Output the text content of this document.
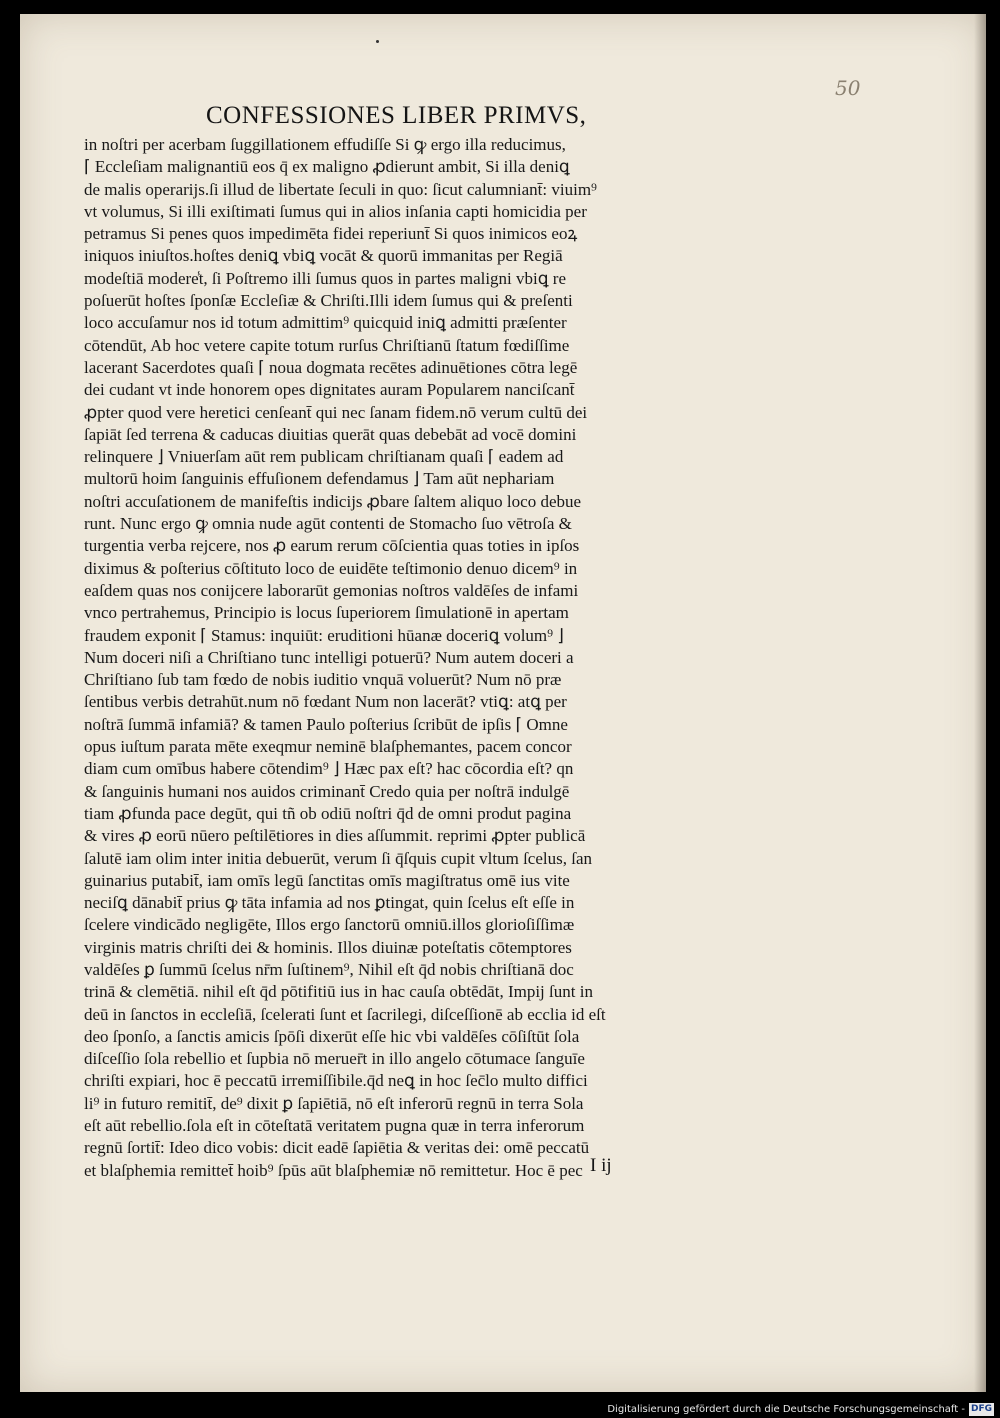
50
CONFESSIONES LIBER PRIMVS,
in noſtri per acerbam ſuggillationem effudiſſe Si ꝙ ergo illa reducimus,
⌈ Eccleſiam malignantiū eos q̄ ex maligno ꝓdierunt ambit, Si illa deniꝗ
de malis operarijs.ſi illud de libertate ſeculi in quo: ſicut calumniant̄: viuim⁹
vt volumus, Si illi exiſtimati ſumus qui in alios inſania capti homicidia per
petramus Si penes quos impedimēta fidei reperiunt̄ Si quos inimicos eoꝝ
iniquos iniuſtos.hoſtes deniꝗ vbiꝗ vocāt & quorū immanitas per Regiā
modeſtiā modere̾t, ſi Poſtremo illi ſumus quos in partes maligni vbiꝗ re
poſuerūt hoſtes ſponſæ Eccleſiæ & Chriſti.Illi idem ſumus qui & preſenti
loco accuſamur nos id totum admittim⁹ quicquid iniꝗ admitti præſenter
cōtendūt, Ab hoc vetere capite totum rurſus Chriſtianū ſtatum fœdiſſime
lacerant Sacerdotes quaſi ⌈ noua dogmata recētes adinuētiones cōtra legē
dei cudant vt inde honorem opes dignitates auram Popularem nanciſcant̄
ꝓpter quod vere heretici cenſeant̄ qui nec ſanam fidem.nō verum cultū dei
ſapiāt ſed terrena & caducas diuitias querāt quas debebāt ad vocē domini
relinquere ⌋ Vniuerſam aūt rem publicam chriſtianam quaſi ⌈ eadem ad
multorū hoim ſanguinis effuſionem defendamus ⌋ Tam aūt nephariam
noſtri accuſationem de manifeſtis indicijs ꝓbare ſaltem aliquo loco debue
runt. Nunc ergo ꝙ omnia nude agūt contenti de Stomacho ſuo vētroſa &
turgentia verba rejcere, nos ꝓ earum rerum cōſcientia quas toties in ipſos
diximus & poſterius cōſtituto loco de euidēte teſtimonio denuo dicem⁹ in
eaſdem quas nos conijcere laborarūt gemonias noſtros valdēſes de infami
vnco pertrahemus, Principio is locus ſuperiorem ſimulationē in apertam
fraudem exponit ⌈ Stamus: inquiūt: eruditioni hūanæ doceriꝗ volum⁹ ⌋
Num doceri niſi a Chriſtiano tunc intelligi potuerū? Num autem doceri a
Chriſtiano ſub tam fœdo de nobis iuditio vnquā voluerūt? Num nō præ
ſentibus verbis detrahūt.num nō fœdant Num non lacerāt? vtiꝗ: atꝗ per
noſtrā ſummā infamiā? & tamen Paulo poſterius ſcribūt de ipſis ⌈ Omne
opus iuſtum parata mēte exeqmur neminē blaſphemantes, pacem concor
diam cum omībus habere cōtendim⁹ ⌋ Hæc pax eſt? hac cōcordia eſt? qn
& ſanguinis humani nos auidos criminant̄ Credo quia per noſtrā indulgē
tiam ꝓfunda pace degūt, qui tñ ob odiū noſtri q̄d de omni produt pagina
& vires ꝓ eorū nūero peſtilētiores in dies aſſummit. reprimi ꝓpter publicā
ſalutē iam olim inter initia debuerūt, verum ſi q̄ſquis cupit vltum ſcelus, ſan
guinarius putabit̄, iam omīs legū ſanctitas omīs magiſtratus omē ius vite
neciſꝗ dānabit̄ prius ꝙ tāta infamia ad nos ꝑtingat, quin ſcelus eſt eſſe in
ſcelere vindicādo negligēte, Illos ergo ſanctorū omniū.illos glorioſiſſimæ
virginis matris chriſti dei & hominis. Illos diuinæ poteſtatis cōtemptores
valdēſes ꝑ ſummū ſcelus nr̄m ſuſtinem⁹, Nihil eſt q̄d nobis chriſtianā doc
trinā & clemētiā. nihil eſt q̄d pōtifitiū ius in hac cauſa obtēdāt, Impij ſunt in
deū in ſanctos in eccleſiā, ſcelerati ſunt et ſacrilegi, diſceſſionē ab ecclia id eſt
deo ſponſo, a ſanctis amicis ſpōſi dixerūt eſſe hic vbi valdēſes cōſiſtūt ſola
diſceſſio ſola rebellio et ſupbia nō meruer̄t in illo angelo cōtumace ſanguīe
chriſti expiari, hoc ē peccatū irremiſſibile.q̄d neꝗ in hoc ſec̄lo multo diffici
li⁹ in futuro remitit̄, de⁹ dixit ꝑ ſapiētiā, nō eſt inferorū regnū in terra Sola
eſt aūt rebellio.ſola eſt in cōteſtatā veritatem pugna quæ in terra inferorum
regnū ſortit̄: Ideo dico vobis: dicit eadē ſapiētia & veritas dei: omē peccatū
et blaſphemia remittet̄ hoib⁹ ſpūs aūt blaſphemiæ nō remittetur. Hoc ē pec I ĳ
Digitalisierung gefördert durch die Deutsche Forschungsgemeinschaft - DFG
